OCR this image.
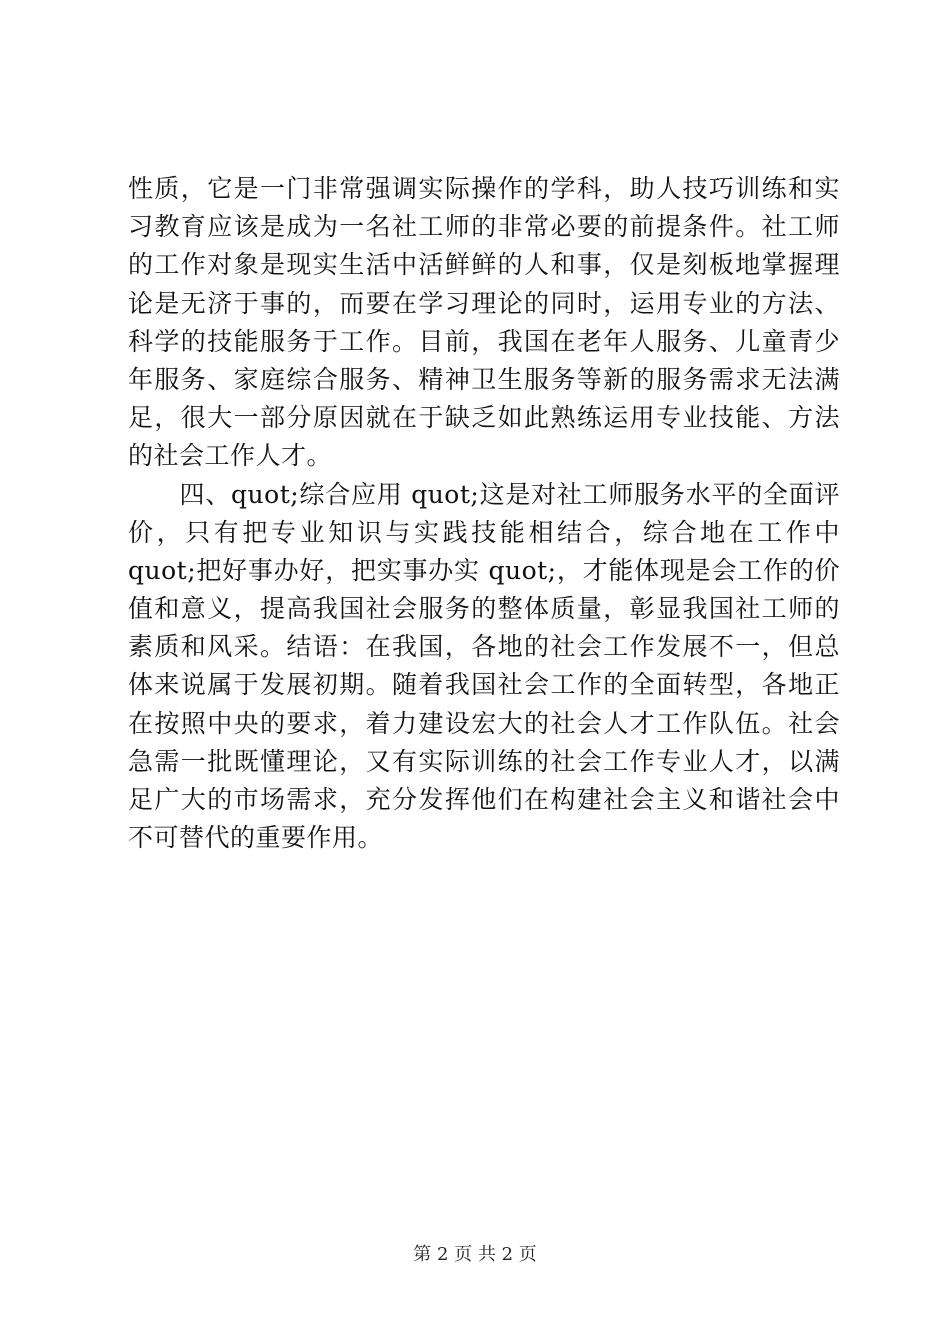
性质，它是一门非常强调实际操作的学科，助人技巧训练和实
习教育应该是成为一名社工师的非常必要的前提条件。社工师
的工作对象是现实生活中活鲜鲜的人和事，仅是刻板地掌握理
论是无济于事的，而要在学习理论的同时，运用专业的方法、
科学的技能服务于工作。目前，我国在老年人服务、儿童青少
年服务、家庭综合服务、精神卫生服务等新的服务需求无法满
足，很大一部分原因就在于缺乏如此熟练运用专业技能、方法
的社会工作人才。
　　四、quot;综合应用 quot;这是对社工师服务水平的全面评
价，只有把专业知识与实践技能相结合，综合地在工作中
quot;把好事办好，把实事办实 quot;，才能体现是会工作的价
值和意义，提高我国社会服务的整体质量，彰显我国社工师的
素质和风采。结语：在我国，各地的社会工作发展不一，但总
体来说属于发展初期。随着我国社会工作的全面转型，各地正
在按照中央的要求，着力建设宏大的社会人才工作队伍。社会
急需一批既懂理论，又有实际训练的社会工作专业人才，以满
足广大的市场需求，充分发挥他们在构建社会主义和谐社会中
不可替代的重要作用。
第 2 页 共 2 页
